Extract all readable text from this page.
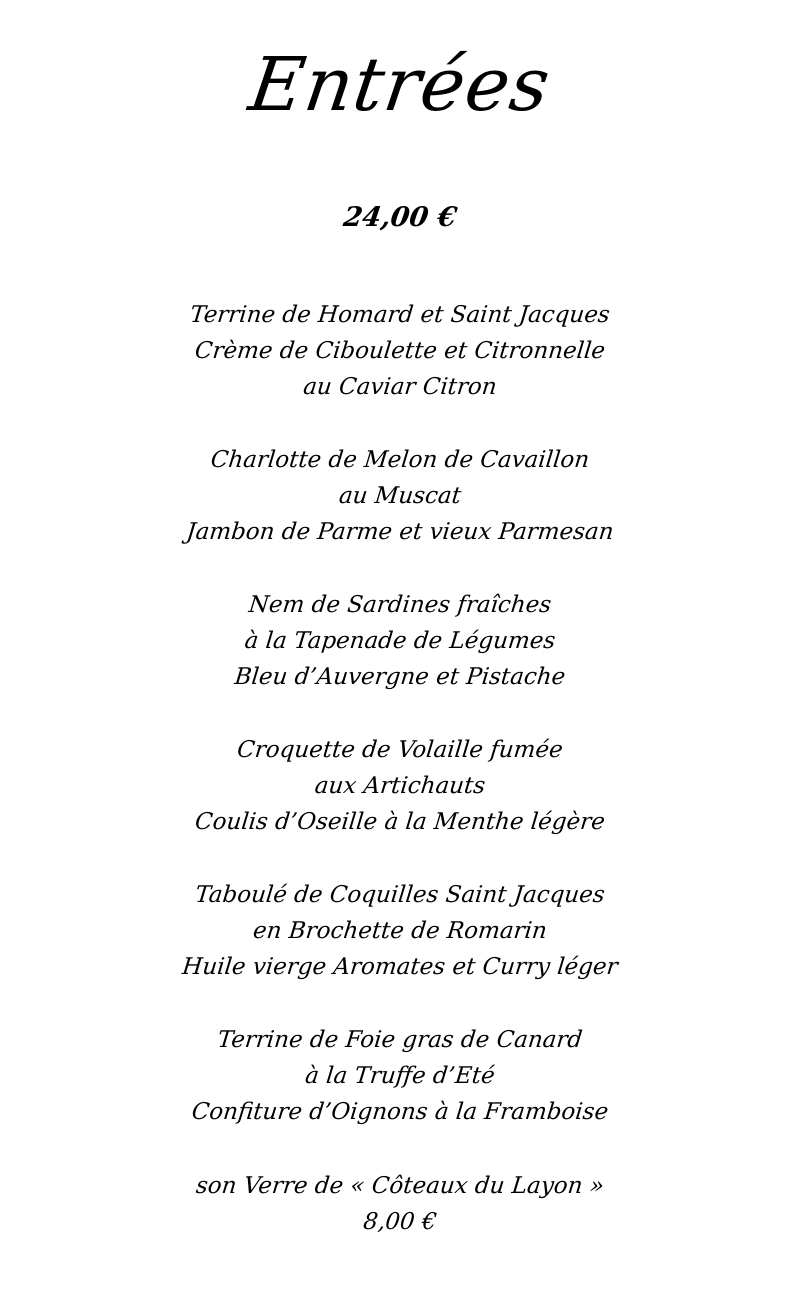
Entrées
24,00 €
Terrine de Homard et Saint Jacques
Crème de Ciboulette et Citronnelle
au Caviar Citron
Charlotte de Melon de Cavaillon
au Muscat
Jambon de Parme et vieux Parmesan
Nem de Sardines fraîches
à la Tapenade de Légumes
Bleu d’Auvergne et Pistache
Croquette de Volaille fumée
aux Artichauts
Coulis d’Oseille à la Menthe légère
Taboulé de Coquilles Saint Jacques
en Brochette de Romarin
Huile vierge Aromates et Curry léger
Terrine de Foie gras de Canard
à la Truffe d’Eté
Confiture d’Oignons à la Framboise
son Verre de « Côteaux du Layon »
8,00 €
